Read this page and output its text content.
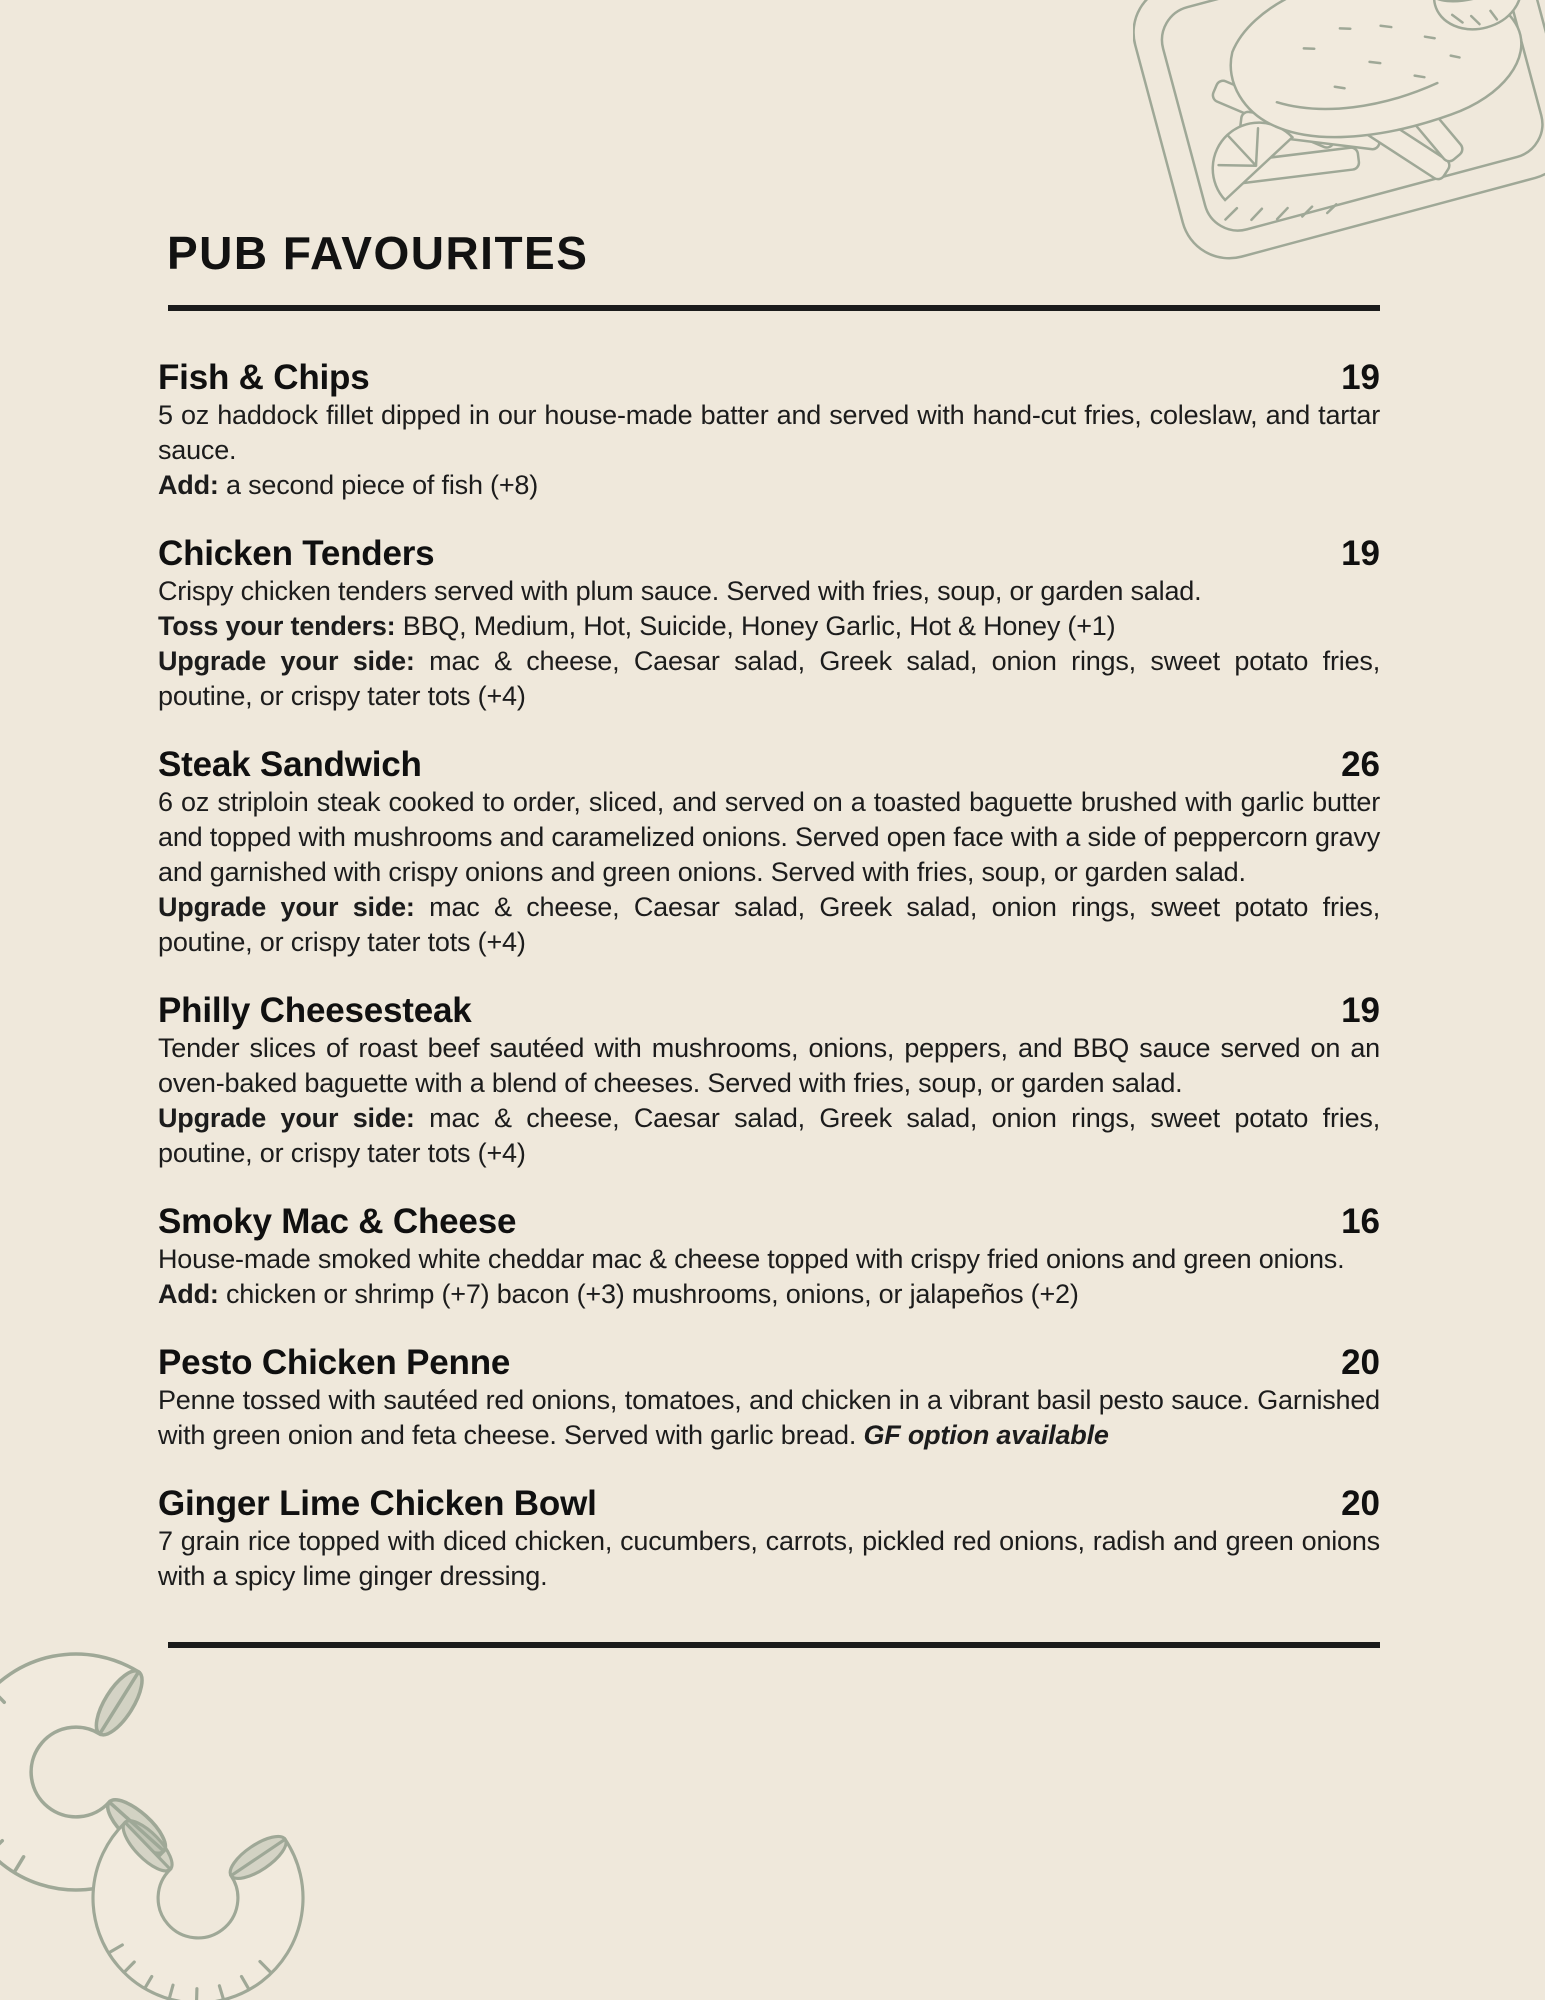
PUB FAVOURITES
Fish & Chips	19

5 oz haddock fillet dipped in our house-made batter and served with hand-cut fries, coleslaw, and tartar sauce.

Add: a second piece of fish (+8)

Chicken Tenders	19

Crispy chicken tenders served with plum sauce. Served with fries, soup, or garden salad.

Toss your tenders: BBQ, Medium, Hot, Suicide, Honey Garlic, Hot & Honey (+1)

Upgrade your side: mac & cheese, Caesar salad, Greek salad, onion rings, sweet potato fries, poutine, or crispy tater tots (+4)

Steak Sandwich	26

6 oz striploin steak cooked to order, sliced, and served on a toasted baguette brushed with garlic butter and topped with mushrooms and caramelized onions. Served open face with a side of peppercorn gravy and garnished with crispy onions and green onions. Served with fries, soup, or garden salad.

Upgrade your side: mac & cheese, Caesar salad, Greek salad, onion rings, sweet potato fries, poutine, or crispy tater tots (+4)

Philly Cheesesteak	19

Tender slices of roast beef sautéed with mushrooms, onions, peppers, and BBQ sauce served on an oven-baked baguette with a blend of cheeses. Served with fries, soup, or garden salad.

Upgrade your side: mac & cheese, Caesar salad, Greek salad, onion rings, sweet potato fries, poutine, or crispy tater tots (+4)

Smoky Mac & Cheese	16

House-made smoked white cheddar mac & cheese topped with crispy fried onions and green onions.

Add: chicken or shrimp (+7) bacon (+3) mushrooms, onions, or jalapeños (+2)

Pesto Chicken Penne	20

Penne tossed with sautéed red onions, tomatoes, and chicken in a vibrant basil pesto sauce. Garnished with green onion and feta cheese. Served with garlic bread. GF option available

Ginger Lime Chicken Bowl	20

7 grain rice topped with diced chicken, cucumbers, carrots, pickled red onions, radish and green onions with a spicy lime ginger dressing.
